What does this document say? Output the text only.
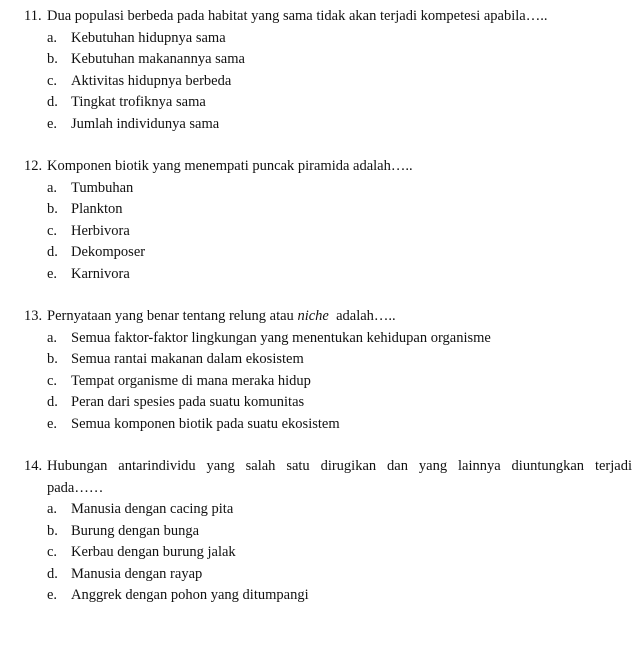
11. Dua populasi berbeda pada habitat yang sama tidak akan terjadi kompetesi apabila…..
a. Kebutuhan hidupnya sama
b. Kebutuhan makanannya sama
c. Aktivitas hidupnya berbeda
d. Tingkat trofiknya sama
e. Jumlah individunya sama
12. Komponen biotik yang menempati puncak piramida adalah…..
a. Tumbuhan
b. Plankton
c. Herbivora
d. Dekomposer
e. Karnivora
13. Pernyataan yang benar tentang relung atau niche  adalah…..
a. Semua faktor-faktor lingkungan yang menentukan kehidupan organisme
b. Semua rantai makanan dalam ekosistem
c. Tempat organisme di mana meraka hidup
d. Peran dari spesies pada suatu komunitas
e. Semua komponen biotik pada suatu ekosistem
14. Hubungan antarindividu yang salah satu dirugikan dan yang lainnya diuntungkan terjadi
pada……
a. Manusia dengan cacing pita
b. Burung dengan bunga
c. Kerbau dengan burung jalak
d. Manusia dengan rayap
e. Anggrek dengan pohon yang ditumpangi
